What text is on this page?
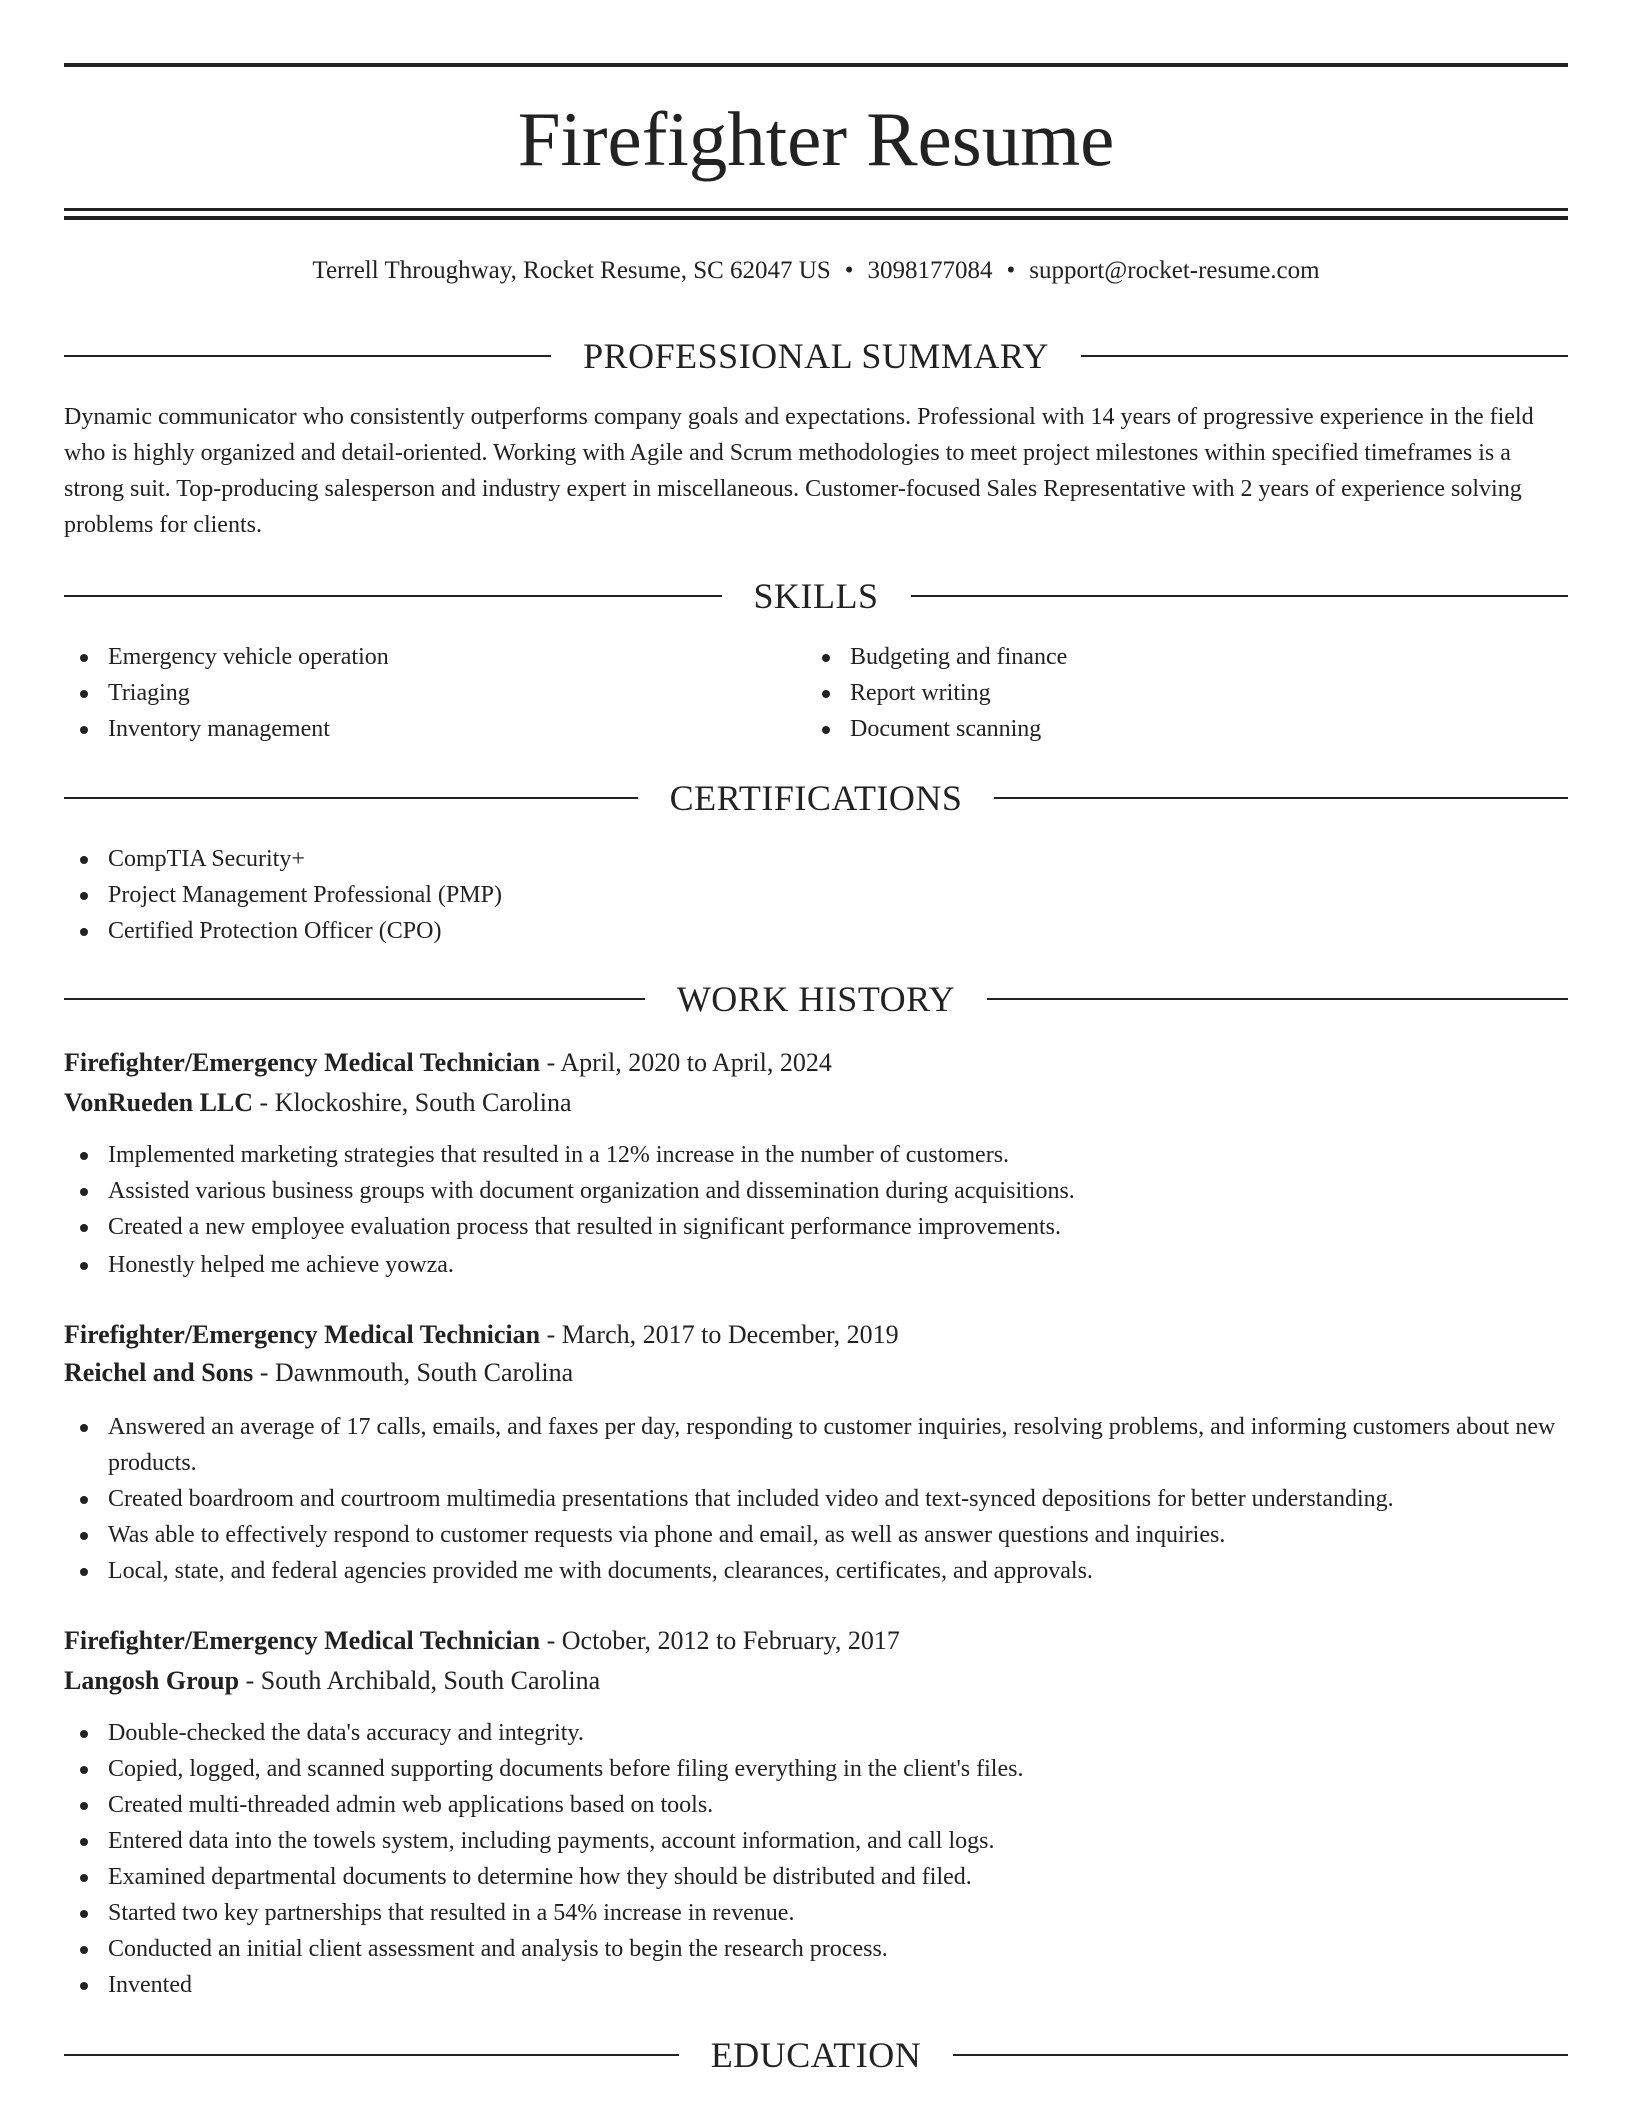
Firefighter Resume
Terrell Throughway, Rocket Resume, SC 62047 US • 3098177084 • support@rocket-resume.com
PROFESSIONAL SUMMARY

Dynamic communicator who consistently outperforms company goals and expectations. Professional with 14 years of progressive experience in the field who is highly organized and detail-oriented. Working with Agile and Scrum methodologies to meet project milestones within specified timeframes is a strong suit. Top-producing salesperson and industry expert in miscellaneous. Customer-focused Sales Representative with 2 years of experience solving problems for clients.

SKILLS
Emergency vehicle operation
Triaging
Inventory management
Budgeting and finance
Report writing
Document scanning
CERTIFICATIONS
CompTIA Security+
Project Management Professional (PMP)
Certified Protection Officer (CPO)
WORK HISTORY
Firefighter/Emergency Medical Technician - April, 2020 to April, 2024
VonRueden LLC - Klockoshire, South Carolina
Implemented marketing strategies that resulted in a 12% increase in the number of customers.
Assisted various business groups with document organization and dissemination during acquisitions.
Created a new employee evaluation process that resulted in significant performance improvements.
Honestly helped me achieve yowza.
Firefighter/Emergency Medical Technician - March, 2017 to December, 2019
Reichel and Sons - Dawnmouth, South Carolina
Answered an average of 17 calls, emails, and faxes per day, responding to customer inquiries, resolving problems, and informing customers about new products.
Created boardroom and courtroom multimedia presentations that included video and text-synced depositions for better understanding.
Was able to effectively respond to customer requests via phone and email, as well as answer questions and inquiries.
Local, state, and federal agencies provided me with documents, clearances, certificates, and approvals.
Firefighter/Emergency Medical Technician - October, 2012 to February, 2017
Langosh Group - South Archibald, South Carolina
Double-checked the data's accuracy and integrity.
Copied, logged, and scanned supporting documents before filing everything in the client's files.
Created multi-threaded admin web applications based on tools.
Entered data into the towels system, including payments, account information, and call logs.
Examined departmental documents to determine how they should be distributed and filed.
Started two key partnerships that resulted in a 54% increase in revenue.
Conducted an initial client assessment and analysis to begin the research process.
Invented
EDUCATION
